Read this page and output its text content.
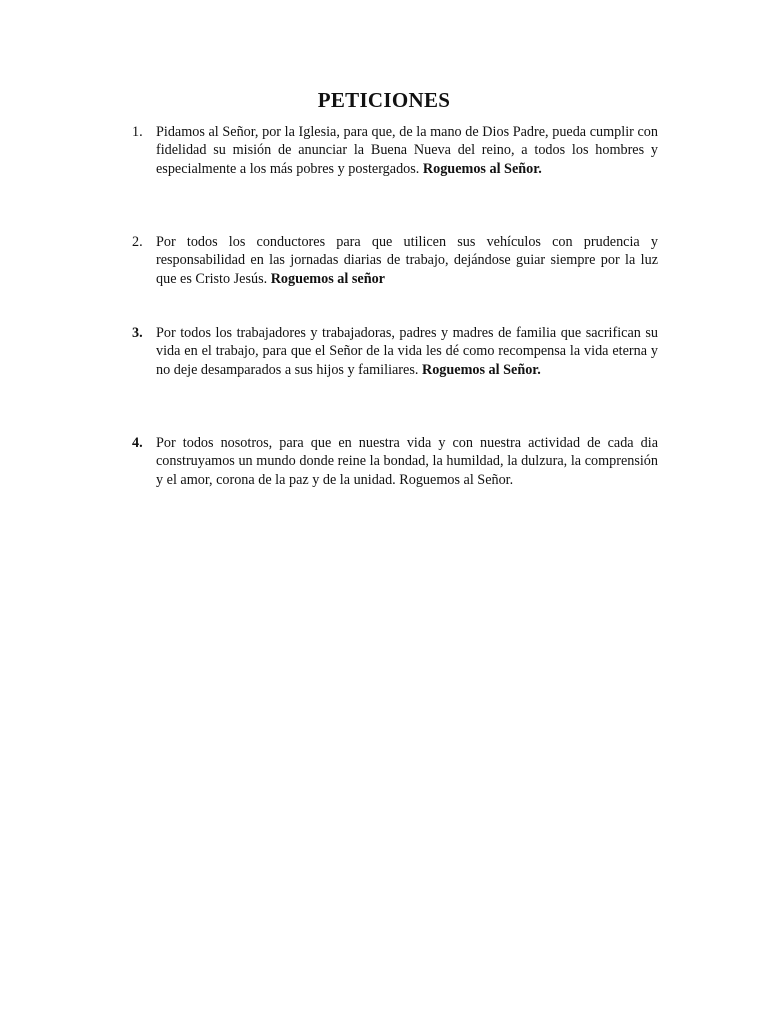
PETICIONES
1. Pidamos al Señor, por la Iglesia, para que, de la mano de Dios Padre, pueda cumplir con fidelidad su misión de anunciar la Buena Nueva del reino, a todos los hombres y especialmente a los más pobres y postergados. Roguemos al Señor.
2. Por todos los conductores para que utilicen sus vehículos con prudencia y responsabilidad en las jornadas diarias de trabajo, dejándose guiar siempre por la luz que es Cristo Jesús. Roguemos al señor
3. Por todos los trabajadores y trabajadoras, padres y madres de familia que sacrifican su vida en el trabajo, para que el Señor de la vida les dé como recompensa la vida eterna y no deje desamparados a sus hijos y familiares. Roguemos al Señor.
4. Por todos nosotros, para que en nuestra vida y con nuestra actividad de cada dia construyamos un mundo donde reine la bondad, la humildad, la dulzura, la comprensión y el amor, corona de la paz y de la unidad. Roguemos al Señor.
